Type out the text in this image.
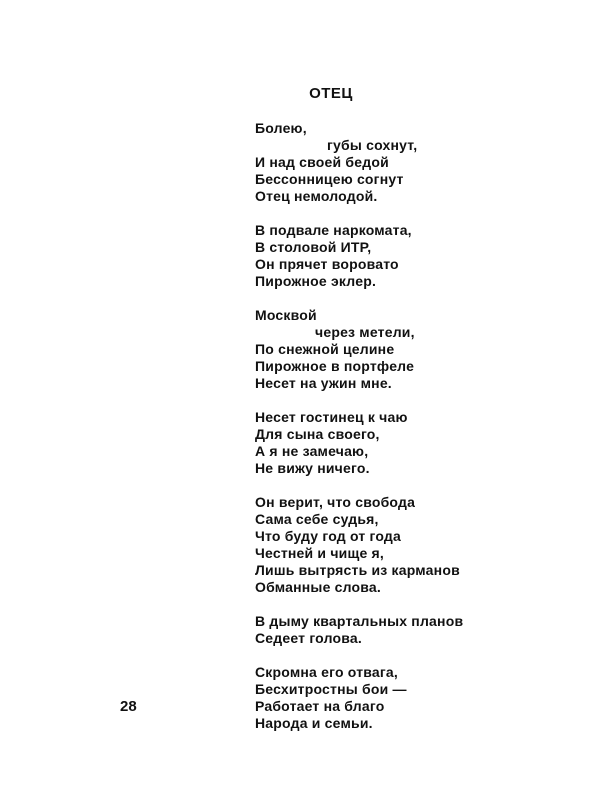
ОТЕЦ
Болею,
губы сохнут,
И над своей бедой
Бессонницею согнут
Отец немолодой.
В подвале наркомата,
В столовой ИТР,
Он прячет воровато
Пирожное эклер.
Москвой
через метели,
По снежной целине
Пирожное в портфеле
Несет на ужин мне.
Несет гостинец к чаю
Для сына своего,
А я не замечаю,
Не вижу ничего.
Он верит, что свобода
Сама себе судья,
Что буду год от года
Честней и чище я,
Лишь вытрясть из карманов
Обманные слова.
В дыму квартальных планов
Седеет голова.
Скромна его отвага,
Бесхитростны бои —
Работает на благо
Народа и семьи.
28
